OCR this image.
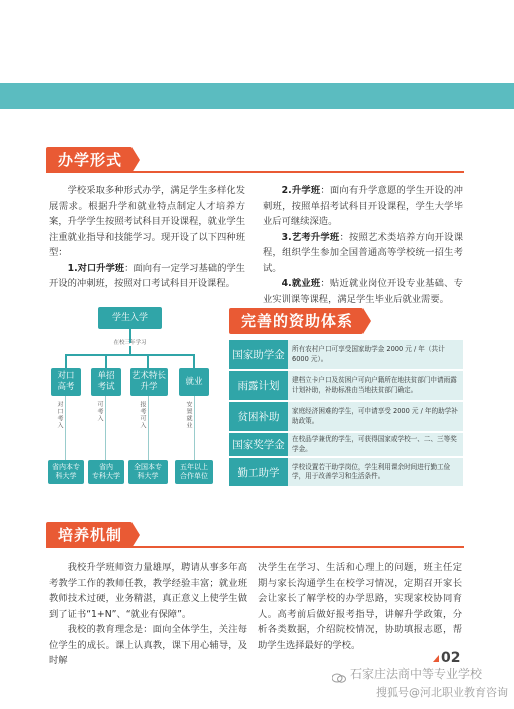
办学形式

学校采取多种形式办学，满足学生多样化发展需求。根据升学和就业特点制定人才培养方案，升学学生按照考试科目开设课程，就业学生注重就业指导和技能学习。现开设了以下四种班型：

1.对口升学班：面向有一定学习基础的学生开设的冲刺班，按照对口考试科目开设课程。

2.升学班：面向有升学意愿的学生开设的冲刺班，按照单招考试科目开设课程，学生大学毕业后可继续深造。

3.艺考升学班：按照艺术类培养方向开设课程，组织学生参加全国普通高等学校统一招生考试。

4.就业班：贴近就业岗位开设专业基础、专业实训课等课程，满足学生毕业后就业需要。

学生入学
在校三年学习
对口
高考
单招
考试
艺术特长
升学
就业
对口考入	可考入	报考可入	安置就业
省内本专
科大学
省内
专科大学
全国本专
科大学
五年以上
合作单位
完善的资助体系
国家助学金	所有农村户口可享受国家助学金 2000 元 / 年（共计 6000 元）。
雨露计划	建档立卡户口及贫困户可向户籍所在地扶贫部门申请雨露计划补助，补助标准由当地扶贫部门确定。
贫困补助	家庭经济困难的学生，可申请享受 2000 元 / 年的助学补助政策。
国家奖学金	在校品学兼优的学生，可获得国家或学校一、二、三等奖学金。
勤工助学	学校设置若干助学岗位，学生利用课余时间进行勤工俭学，用于改善学习和生活条件。
培养机制

我校升学班师资力量雄厚，聘请从事多年高考教学工作的教师任教，教学经验丰富；就业班教师技术过硬，业务精湛，真正意义上使学生做到了证书“1+N”、“就业有保障”。

我校的教育理念是：面向全体学生，关注每位学生的成长。课上认真教，课下用心辅导，及时解

决学生在学习、生活和心理上的问题，班主任定期与家长沟通学生在校学习情况，定期召开家长会让家长了解学校的办学思路，实现家校协同育人。高考前后做好报考指导，讲解升学政策，分析各类数据，介绍院校情况，协助填报志愿，帮助学生选择最好的学校。

02
石家庄法商中等专业学校
搜狐号@河北职业教育咨询
